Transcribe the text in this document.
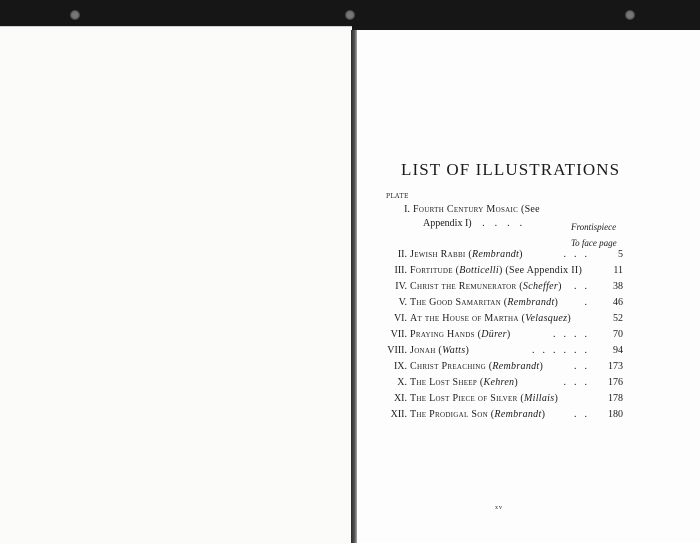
LIST OF ILLUSTRATIONS
PLATE
I. Fourth Century Mosaic (See
Appendix I) ....	Frontispiece
To face page
II. Jewish Rabbi (Rembrandt)	... 5
III. Fortitude (Botticelli) (See Appendix II)	11
IV. Christ the Remunerator (Scheffer) .. 38
V. The Good Samaritan (Rembrandt)	. 46
VI. At the House of Martha (Velasquez)	52
VII. Praying Hands (Dürer)	.... 70
VIII. Jonah (Watts)	...... 94
IX. Christ Preaching (Rembrandt)	.. 173
X. The Lost Sheep (Kehren)	... 176
XI. The Lost Piece of Silver (Millais)	178
XII. The Prodigal Son (Rembrandt)	.. 180
xv
